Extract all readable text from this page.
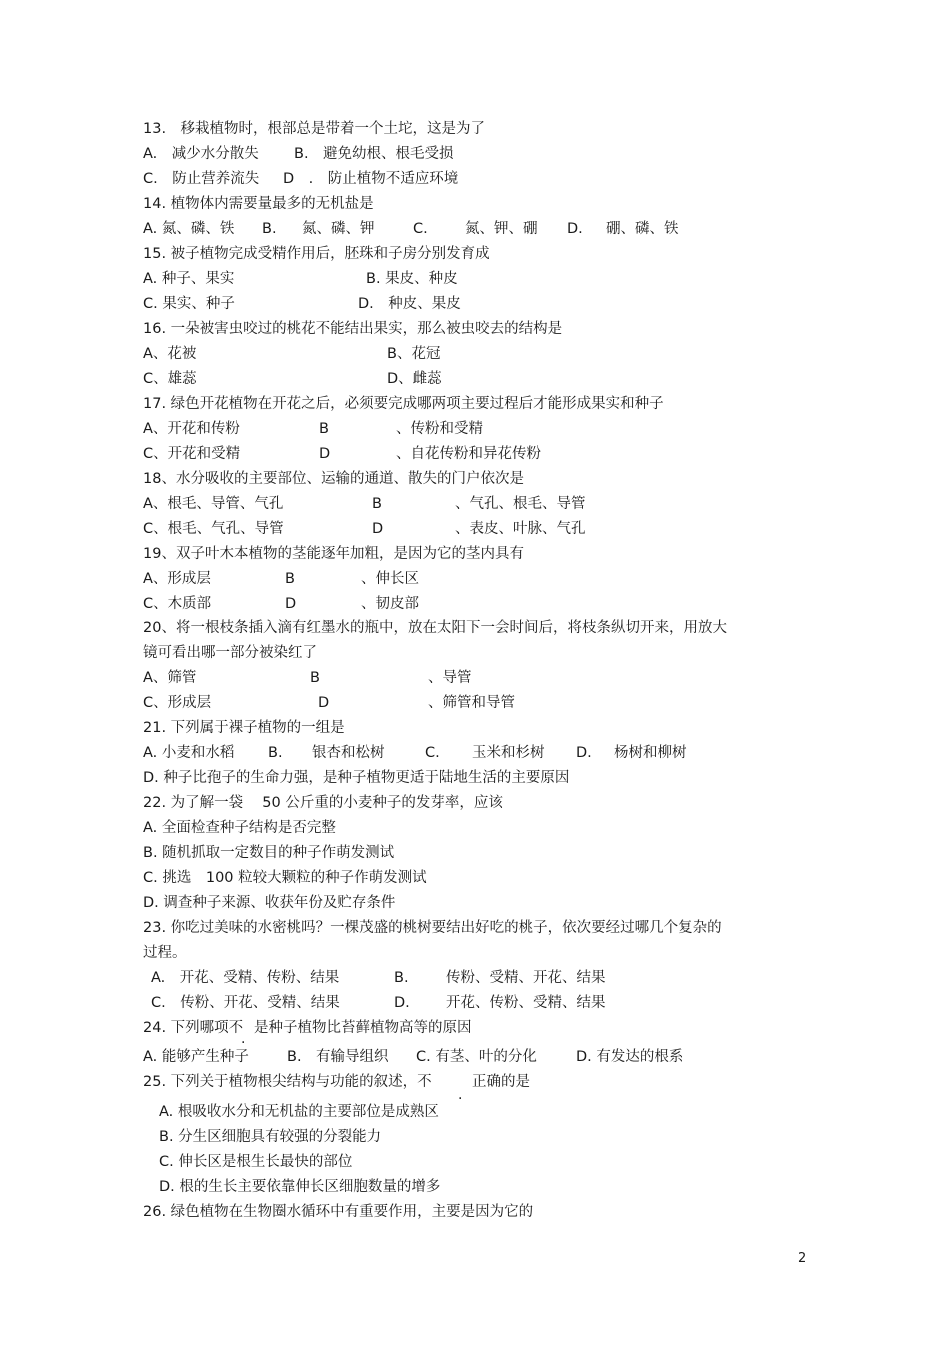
13.　移栽植物时，根部总是带着一个土坨，这是为了
A.　减少水分散失 B.　避免幼根、根毛受损
C.　防止营养流失 D　.　防止植物不适应环境
14. 植物体内需要量最多的无机盐是
A. 氮、磷、铁 B. 氮、磷、钾	C.	氮、钾、硼 D. 硼、磷、铁
15. 被子植物完成受精作用后，胚珠和子房分别发育成
A. 种子、果实	B. 果皮、种皮
C. 果实、种子	D.　种皮、果皮
16. 一朵被害虫咬过的桃花不能结出果实，那么被虫咬去的结构是
A、花被	B、花冠
C、雄蕊	D、雌蕊
17. 绿色开花植物在开花之后，必须要完成哪两项主要过程后才能形成果实和种子
A、开花和传粉	B	、传粉和受精
C、开花和受精	D	、自花传粉和异花传粉
18、水分吸收的主要部位、运输的通道、散失的门户依次是
A、根毛、导管、气孔	B	、气孔、根毛、导管
C、根毛、气孔、导管	D	、表皮、叶脉、气孔
19、双子叶木本植物的茎能逐年加粗，是因为它的茎内具有
A、形成层	B	、伸长区
C、木质部	D	、韧皮部
20、将一根枝条插入滴有红墨水的瓶中，放在太阳下一会时间后，将枝条纵切开来，用放大
镜可看出哪一部分被染红了
A、筛管	B	、导管
C、形成层	D	、筛管和导管
21. 下列属于裸子植物的一组是
A. 小麦和水稻 B. 银杏和松树	C. 玉米和杉树 D. 杨树和柳树
D. 种子比孢子的生命力强，是种子植物更适于陆地生活的主要原因
22. 为了解一袋　 50 公斤重的小麦种子的发芽率，应该
A. 全面检查种子结构是否完整
B. 随机抓取一定数目的种子作萌发测试
C. 挑选　100 粒较大颗粒的种子作萌发测试
D. 调查种子来源、收获年份及贮存条件
23. 你吃过美味的水密桃吗？一棵茂盛的桃树要结出好吃的桃子，依次要经过哪几个复杂的
过程。
A.　开花、受精、传粉、结果	B.	传粉、受精、开花、结果
C.　传粉、开花、受精、结果	D. 开花、传粉、受精、结果
24. 下列哪项不
.
是种子植物比苔藓植物高等的原因
A. 能够产生种子	B.　有输导组织 C. 有茎、叶的分化	D. 有发达的根系
25. 下列关于植物根尖结构与功能的叙述，不
.
正确的是
A. 根吸收水分和无机盐的主要部位是成熟区
B. 分生区细胞具有较强的分裂能力
C. 伸长区是根生长最快的部位
D. 根的生长主要依靠伸长区细胞数量的增多
26. 绿色植物在生物圈水循环中有重要作用，主要是因为它的
2
